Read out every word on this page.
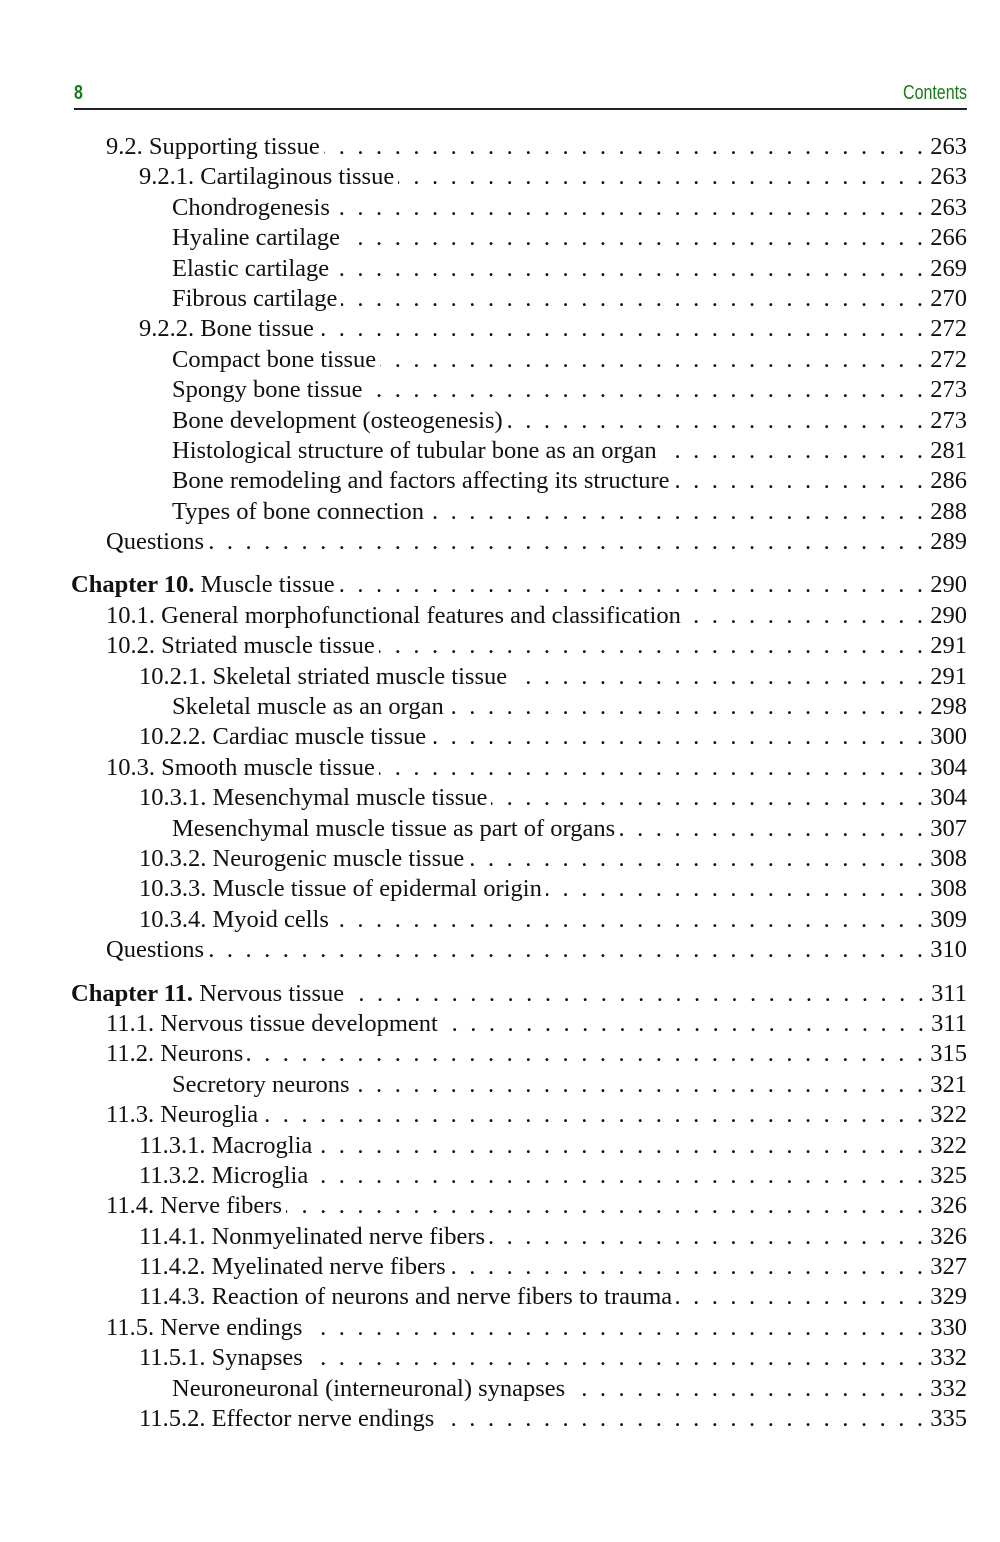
8	Contents
9.2. Supporting tissue . . .	263
9.2.1. Cartilaginous tissue . . .	263
Chondrogenesis . . .	263
Hyaline cartilage . . .	266
Elastic cartilage . . .	269
Fibrous cartilage . . .	270
9.2.2. Bone tissue . . .	272
Compact bone tissue . . .	272
Spongy bone tissue . . .	273
Bone development (osteogenesis) . . .	273
Histological structure of tubular bone as an organ . . .	281
Bone remodeling and factors affecting its structure . . .	286
Types of bone connection . . .	288
Questions . . .	289
Chapter 10. Muscle tissue . . .	290
10.1. General morphofunctional features and classification . . .	290
10.2. Striated muscle tissue . . .	291
10.2.1. Skeletal striated muscle tissue . . .	291
Skeletal muscle as an organ . . .	298
10.2.2. Cardiac muscle tissue . . .	300
10.3. Smooth muscle tissue . . .	304
10.3.1. Mesenchymal muscle tissue . . .	304
Mesenchymal muscle tissue as part of organs . . .	307
10.3.2. Neurogenic muscle tissue . . .	308
10.3.3. Muscle tissue of epidermal origin . . .	308
10.3.4. Myoid cells . . .	309
Questions . . .	310
Chapter 11. Nervous tissue . . .	311
11.1. Nervous tissue development . . .	311
11.2. Neurons . . .	315
Secretory neurons . . .	321
11.3. Neuroglia . . .	322
11.3.1. Macroglia . . .	322
11.3.2. Microglia . . .	325
11.4. Nerve fibers . . .	326
11.4.1. Nonmyelinated nerve fibers . . .	326
11.4.2. Myelinated nerve fibers . . .	327
11.4.3. Reaction of neurons and nerve fibers to trauma . . .	329
11.5. Nerve endings . . .	330
11.5.1. Synapses . . .	332
Neuroneuronal (interneuronal) synapses . . .	332
11.5.2. Effector nerve endings . . .	335
